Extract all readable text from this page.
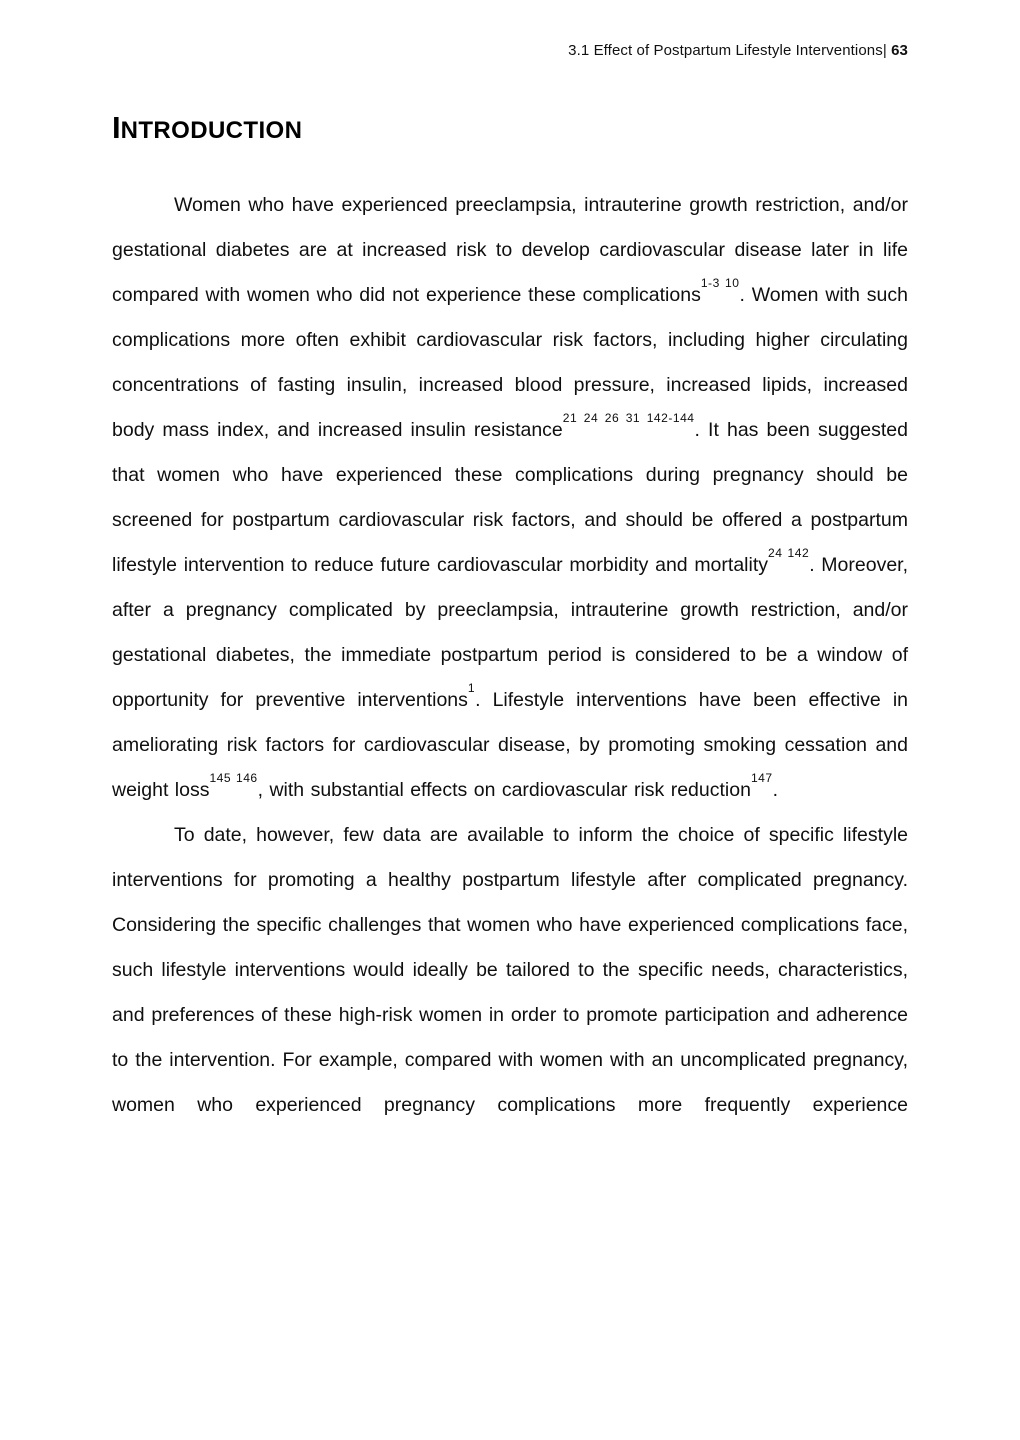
3.1 Effect of Postpartum Lifestyle Interventions| 63
INTRODUCTION

Women who have experienced preeclampsia, intrauterine growth restriction, and/or gestational diabetes are at increased risk to develop cardiovascular disease later in life compared with women who did not experience these complications$^{1-3 10}$. Women with such complications more often exhibit cardiovascular risk factors, including higher circulating concentrations of fasting insulin, increased blood pressure, increased lipids, increased body mass index, and increased insulin resistance$^{21 24 26 31 142-144}$. It has been suggested that women who have experienced these complications during pregnancy should be screened for postpartum cardiovascular risk factors, and should be offered a postpartum lifestyle intervention to reduce future cardiovascular morbidity and mortality$^{24 142}$. Moreover, after a pregnancy complicated by preeclampsia, intrauterine growth restriction, and/or gestational diabetes, the immediate postpartum period is considered to be a window of opportunity for preventive interventions$^1$. Lifestyle interventions have been effective in ameliorating risk factors for cardiovascular disease, by promoting smoking cessation and weight loss$^{145 146}$, with substantial effects on cardiovascular risk reduction$^{147}$.

To date, however, few data are available to inform the choice of specific lifestyle interventions for promoting a healthy postpartum lifestyle after complicated pregnancy. Considering the specific challenges that women who have experienced complications face, such lifestyle interventions would ideally be tailored to the specific needs, characteristics, and preferences of these high-risk women in order to promote participation and adherence to the intervention. For example, compared with women with an uncomplicated pregnancy, women who experienced pregnancy complications more frequently experience
